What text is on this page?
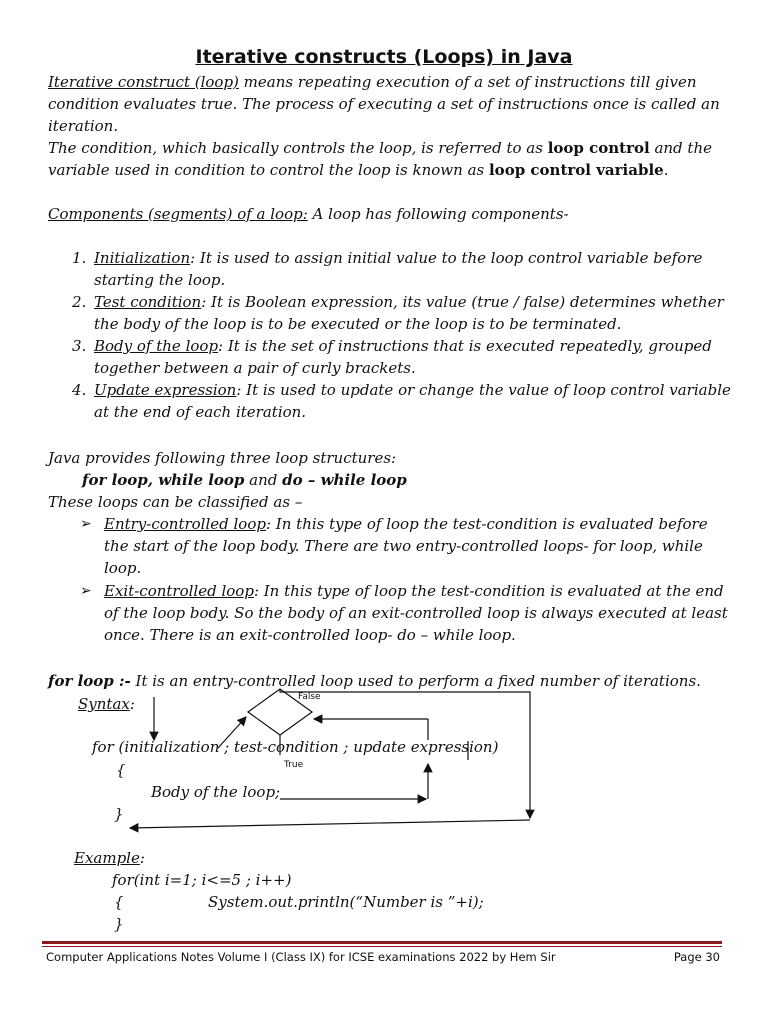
Iterative constructs (Loops) in Java
Iterative construct (loop) means repeating execution of a set of instructions till given
condition evaluates true. The process of executing a set of instructions once is called an
iteration.
The condition, which basically controls the loop, is referred to as loop control and the
variable used in condition to control the loop is known as loop control variable.
Components (segments) of a loop: A loop has following components-
1. Initialization: It is used to assign initial value to the loop control variable before
starting the loop.
2. Test condition: It is Boolean expression, its value (true / false) determines whether
the body of the loop is to be executed or the loop is to be terminated.
3. Body of the loop: It is the set of instructions that is executed repeatedly, grouped
together between a pair of curly brackets.
4. Update expression: It is used to update or change the value of loop control variable
at the end of each iteration.
Java provides following three loop structures:
for loop, while loop and do – while loop
These loops can be classified as –
➢ Entry-controlled loop: In this type of loop the test-condition is evaluated before
the start of the loop body. There are two entry-controlled loops- for loop, while
loop.
➢ Exit-controlled loop: In this type of loop the test-condition is evaluated at the end
of the loop body. So the body of an exit-controlled loop is always executed at least
once. There is an exit-controlled loop- do – while loop.
for loop :- It is an entry-controlled loop used to perform a fixed number of iterations.
Syntax:
for (initialization ; test-condition ; update expression)
{
Body of the loop;
}
False
True
Example:
for(int i=1; i<=5 ; i++)
{	System.out.println(“Number is ”+i);
}
Computer Applications Notes Volume I (Class IX) for ICSE examinations 2022 by Hem Sir	Page 30
